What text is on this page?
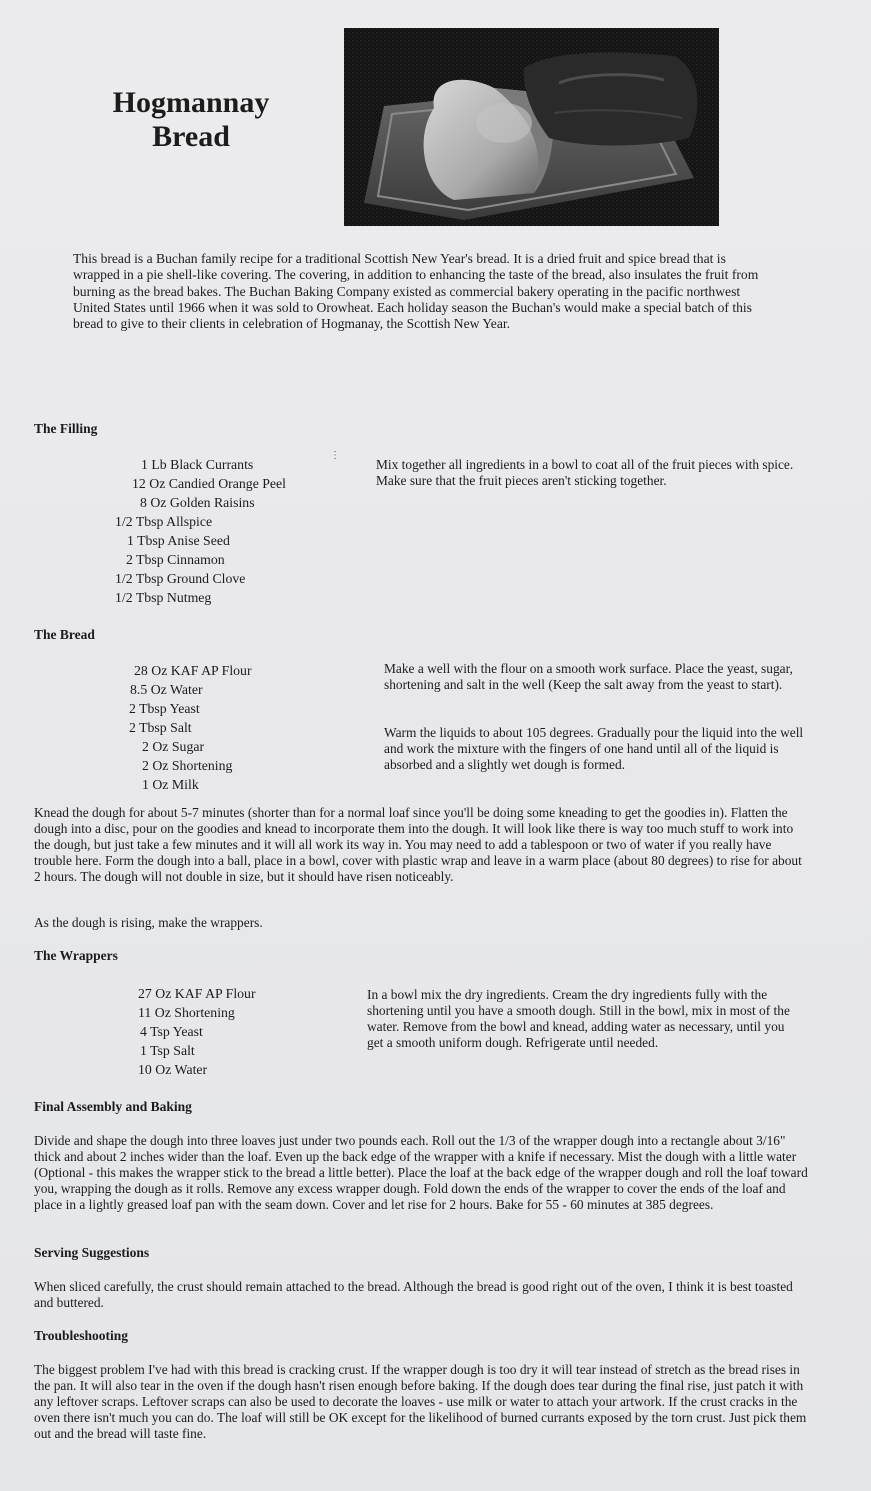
Hogmannay
Bread

This bread is a Buchan family recipe for a traditional Scottish New Year's bread. It is a dried fruit and spice bread that is wrapped in a pie shell-like covering. The covering, in addition to enhancing the taste of the bread, also insulates the fruit from burning as the bread bakes. The Buchan Baking Company existed as commercial bakery operating in the pacific northwest United States until 1966 when it was sold to Orowheat. Each holiday season the Buchan's would make a special batch of this bread to give to their clients in celebration of Hogmanay, the Scottish New Year.

The Filling
⋮
1 Lb Black Currants
12 Oz Candied Orange Peel
8 Oz Golden Raisins
1/2 Tbsp Allspice
1 Tbsp Anise Seed
2 Tbsp Cinnamon
1/2 Tbsp Ground Clove
1/2 Tbsp Nutmeg

Mix together all ingredients in a bowl to coat all of the fruit pieces with spice. Make sure that the fruit pieces aren't sticking together.

The Bread
28 Oz KAF AP Flour
8.5 Oz Water
2 Tbsp Yeast
2 Tbsp Salt
2 Oz Sugar
2 Oz Shortening
1 Oz Milk

Make a well with the flour on a smooth work surface. Place the yeast, sugar, shortening and salt in the well (Keep the salt away from the yeast to start).

Warm the liquids to about 105 degrees. Gradually pour the liquid into the well and work the mixture with the fingers of one hand until all of the liquid is absorbed and a slightly wet dough is formed.

Knead the dough for about 5-7 minutes (shorter than for a normal loaf since you'll be doing some kneading to get the goodies in). Flatten the dough into a disc, pour on the goodies and knead to incorporate them into the dough. It will look like there is way too much stuff to work into the dough, but just take a few minutes and it will all work its way in. You may need to add a tablespoon or two of water if you really have trouble here. Form the dough into a ball, place in a bowl, cover with plastic wrap and leave in a warm place (about 80 degrees) to rise for about 2 hours. The dough will not double in size, but it should have risen noticeably.

As the dough is rising, make the wrappers.

The Wrappers
27 Oz KAF AP Flour
11 Oz Shortening
4 Tsp Yeast
1 Tsp Salt
10 Oz Water

In a bowl mix the dry ingredients. Cream the dry ingredients fully with the shortening until you have a smooth dough. Still in the bowl, mix in most of the water. Remove from the bowl and knead, adding water as necessary, until you get a smooth uniform dough. Refrigerate until needed.

Final Assembly and Baking

Divide and shape the dough into three loaves just under two pounds each. Roll out the 1/3 of the wrapper dough into a rectangle about 3/16" thick and about 2 inches wider than the loaf. Even up the back edge of the wrapper with a knife if necessary. Mist the dough with a little water (Optional - this makes the wrapper stick to the bread a little better). Place the loaf at the back edge of the wrapper dough and roll the loaf toward you, wrapping the dough as it rolls. Remove any excess wrapper dough. Fold down the ends of the wrapper to cover the ends of the loaf and place in a lightly greased loaf pan with the seam down. Cover and let rise for 2 hours. Bake for 55 - 60 minutes at 385 degrees.

Serving Suggestions

When sliced carefully, the crust should remain attached to the bread. Although the bread is good right out of the oven, I think it is best toasted and buttered.

Troubleshooting

The biggest problem I've had with this bread is cracking crust. If the wrapper dough is too dry it will tear instead of stretch as the bread rises in the pan. It will also tear in the oven if the dough hasn't risen enough before baking. If the dough does tear during the final rise, just patch it with any leftover scraps. Leftover scraps can also be used to decorate the loaves - use milk or water to attach your artwork. If the crust cracks in the oven there isn't much you can do. The loaf will still be OK except for the likelihood of burned currants exposed by the torn crust. Just pick them out and the bread will taste fine.
